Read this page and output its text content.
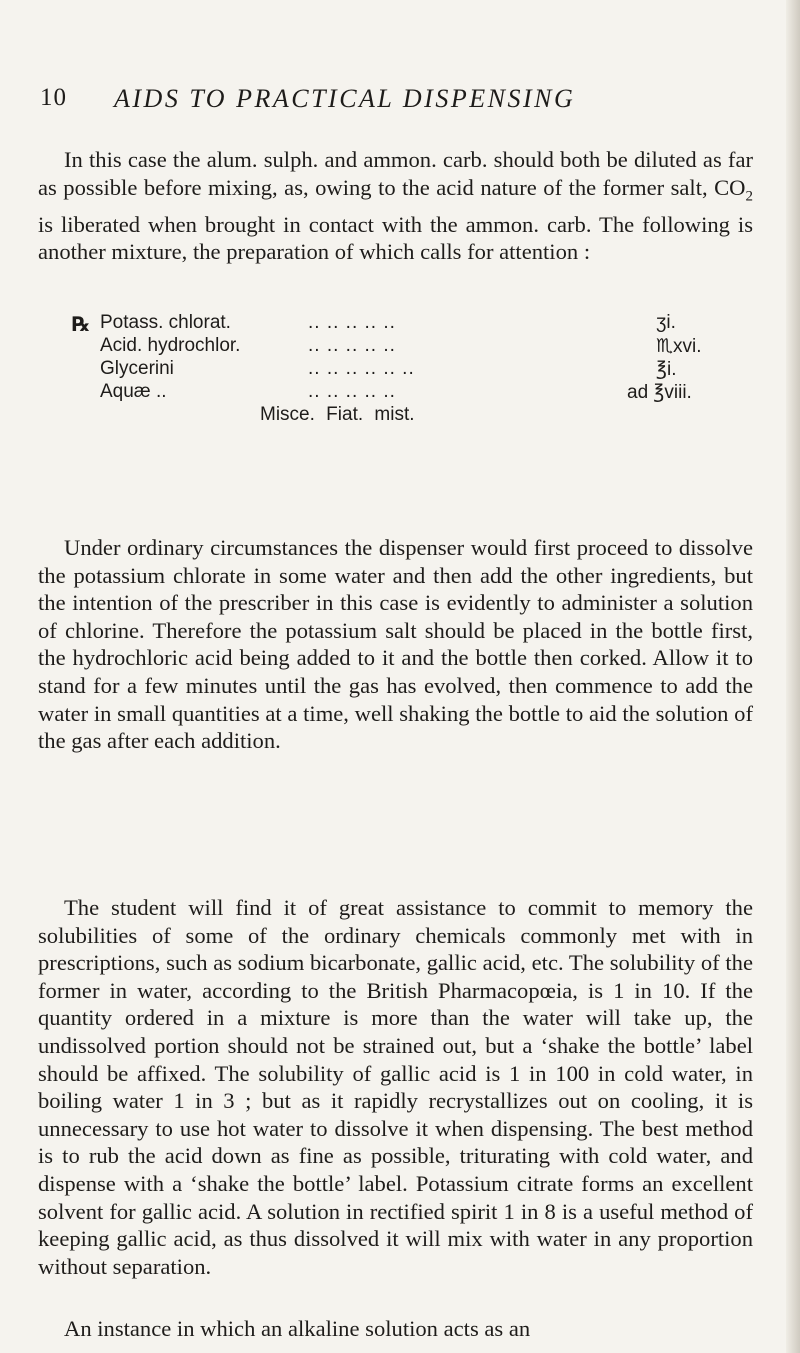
10 AIDS TO PRACTICAL DISPENSING

In this case the alum. sulph. and ammon. carb. should both be diluted as far as possible before mixing, as, owing to the acid nature of the former salt, $CO_2$ is liberated when brought in contact with the ammon. carb. The following is another mixture, the preparation of which calls for attention :

℞ Potass. chlorat.	.. .. .. .. ..	ʒi.
Acid. hydrochlor.	.. .. .. .. ..	♏xvi.
Glycerini	.. .. .. .. .. ..	℥i.
Aquæ ..	.. .. .. .. ..	ad ℥viii.
Misce. Fiat. mist.

Under ordinary circumstances the dispenser would first proceed to dissolve the potassium chlorate in some water and then add the other ingredients, but the intention of the prescriber in this case is evidently to administer a solution of chlorine. Therefore the potassium salt should be placed in the bottle first, the hydrochloric acid being added to it and the bottle then corked. Allow it to stand for a few minutes until the gas has evolved, then commence to add the water in small quantities at a time, well shaking the bottle to aid the solution of the gas after each addition.

The student will find it of great assistance to commit to memory the solubilities of some of the ordinary chemicals commonly met with in prescriptions, such as sodium bicarbonate, gallic acid, etc. The solubility of the former in water, according to the British Pharmacopœia, is 1 in 10. If the quantity ordered in a mixture is more than the water will take up, the undissolved portion should not be strained out, but a ‘shake the bottle’ label should be affixed. The solubility of gallic acid is 1 in 100 in cold water, in boiling water 1 in 3 ; but as it rapidly recrystallizes out on cooling, it is unnecessary to use hot water to dissolve it when dispensing. The best method is to rub the acid down as fine as possible, triturating with cold water, and dispense with a ‘shake the bottle’ label. Potassium citrate forms an excellent solvent for gallic acid. A solution in rectified spirit 1 in 8 is a useful method of keeping gallic acid, as thus dissolved it will mix with water in any proportion without separation.

An instance in which an alkaline solution acts as an
